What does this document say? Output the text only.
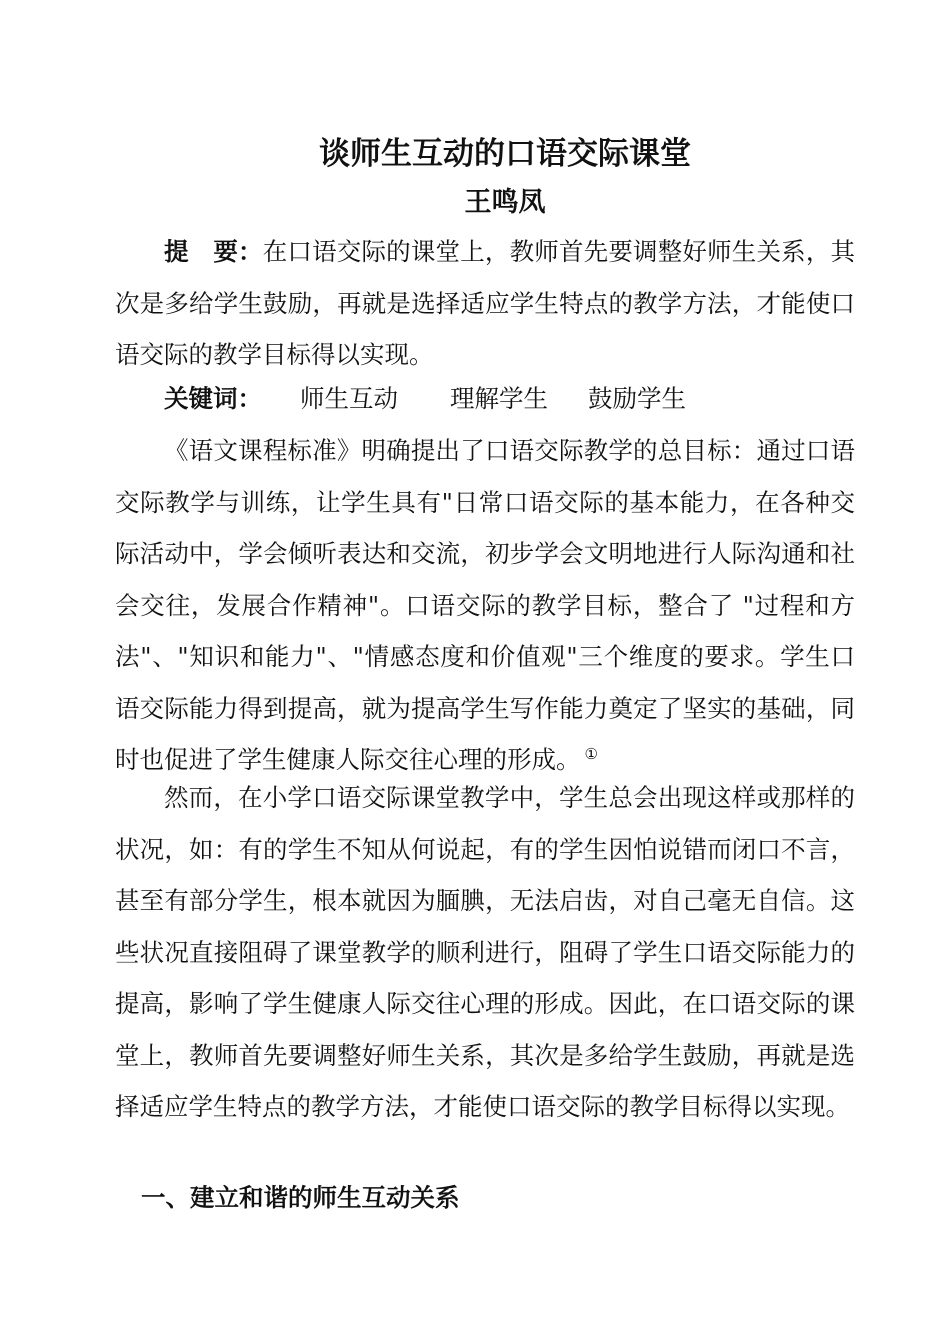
谈师生互动的口语交际课堂
王鸣凤
提　要：在口语交际的课堂上，教师首先要调整好师生关系，其次是多给学生鼓励，再就是选择适应学生特点的教学方法，才能使口语交际的教学目标得以实现。
关键词： 师生互动 理解学生 鼓励学生
《语文课程标准》明确提出了口语交际教学的总目标：通过口语交际教学与训练，让学生具有"日常口语交际的基本能力，在各种交际活动中，学会倾听表达和交流，初步学会文明地进行人际沟通和社会交往，发展合作精神"。口语交际的教学目标，整合了 "过程和方法"、"知识和能力"、"情感态度和价值观"三个维度的要求。学生口语交际能力得到提高，就为提高学生写作能力奠定了坚实的基础，同时也促进了学生健康人际交往心理的形成。 ①
然而，在小学口语交际课堂教学中，学生总会出现这样或那样的状况，如：有的学生不知从何说起，有的学生因怕说错而闭口不言，甚至有部分学生，根本就因为腼腆，无法启齿，对自己毫无自信。这些状况直接阻碍了课堂教学的顺利进行，阻碍了学生口语交际能力的提高，影响了学生健康人际交往心理的形成。因此，在口语交际的课堂上，教师首先要调整好师生关系，其次是多给学生鼓励，再就是选择适应学生特点的教学方法，才能使口语交际的教学目标得以实现。
一、建立和谐的师生互动关系
